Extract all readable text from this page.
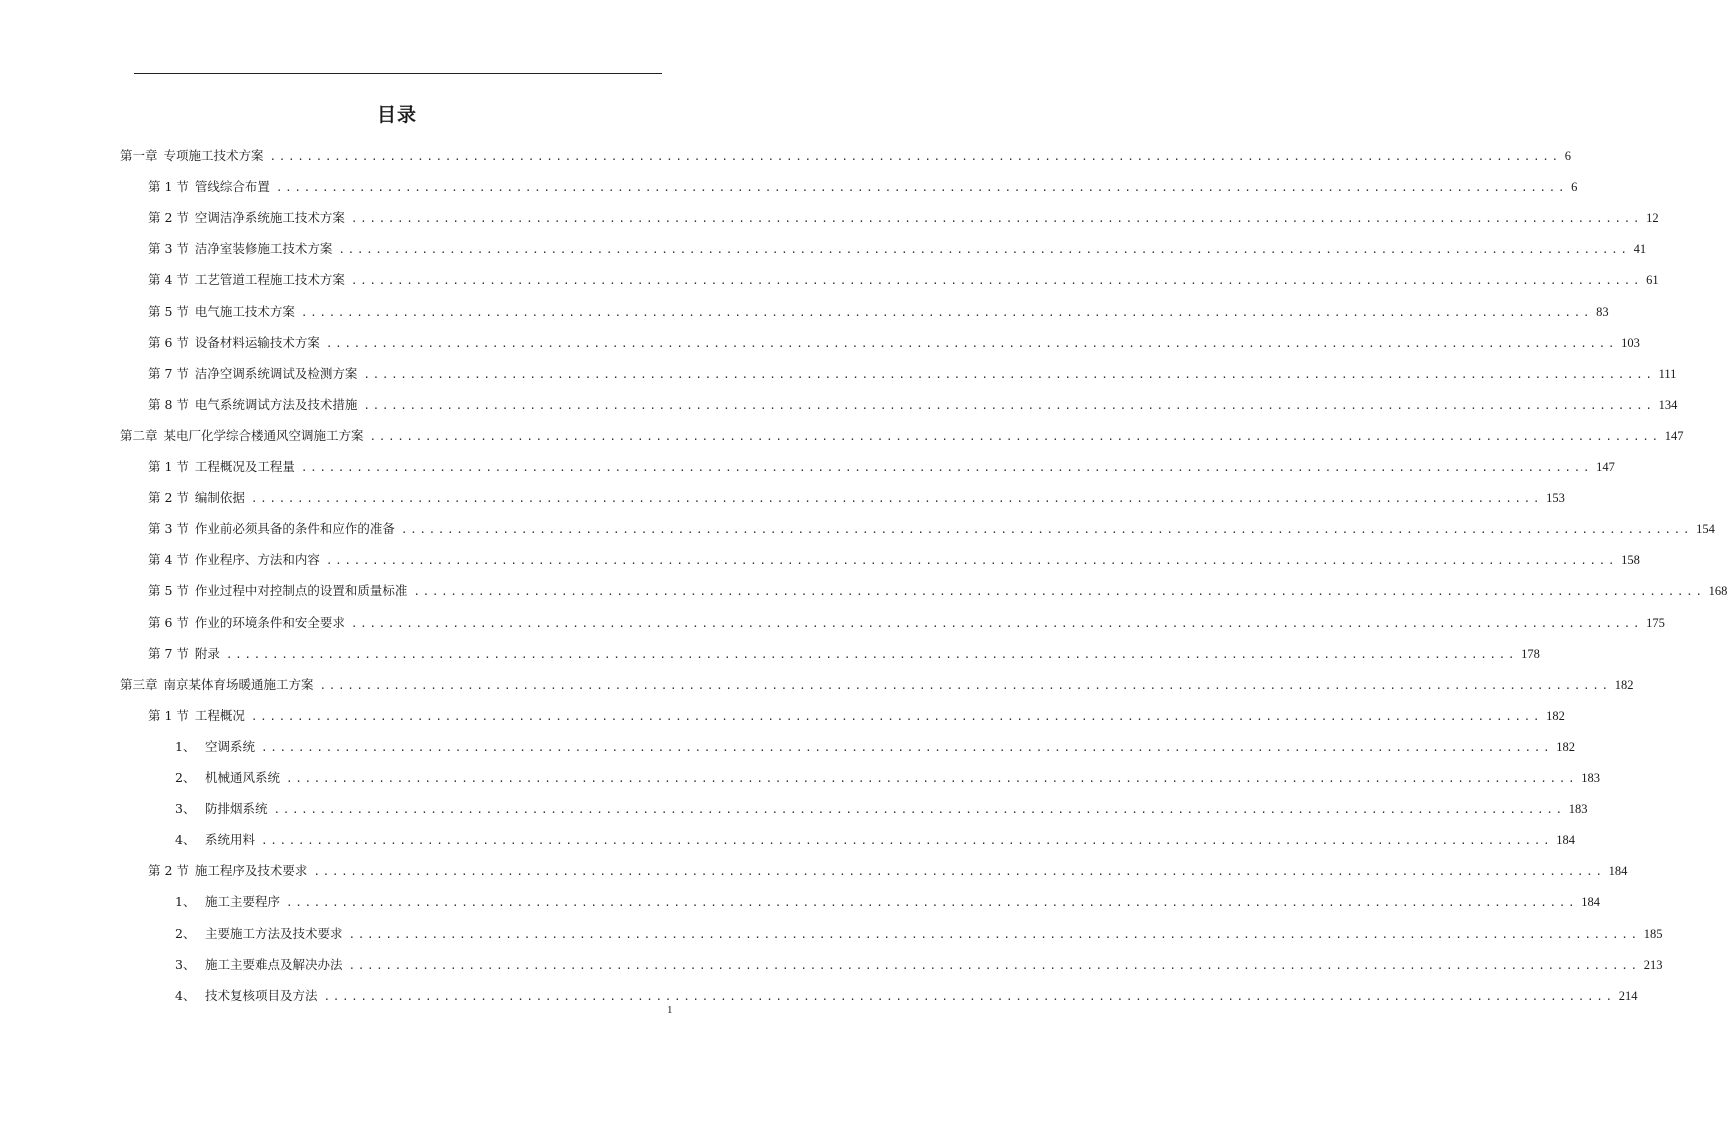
目录
第一章 专项施工技术方案 ............................................................................................................................................ 6
第 1 节 管线综合布置 ............................................................................................................................................ 6
第 2 节 空调洁净系统施工技术方案 ............................................................................................................................................ 12
第 3 节 洁净室装修施工技术方案 ............................................................................................................................................ 41
第 4 节 工艺管道工程施工技术方案 ............................................................................................................................................ 61
第 5 节 电气施工技术方案 ............................................................................................................................................ 83
第 6 节 设备材料运输技术方案 ............................................................................................................................................ 103
第 7 节 洁净空调系统调试及检测方案 ............................................................................................................................................ 111
第 8 节 电气系统调试方法及技术措施 ............................................................................................................................................ 134
第二章 某电厂化学综合楼通风空调施工方案 ............................................................................................................................................ 147
第 1 节 工程概况及工程量 ............................................................................................................................................ 147
第 2 节 编制依据 ............................................................................................................................................ 153
第 3 节 作业前必须具备的条件和应作的准备 ............................................................................................................................................ 154
第 4 节 作业程序、方法和内容 ............................................................................................................................................ 158
第 5 节 作业过程中对控制点的设置和质量标准 ............................................................................................................................................ 168
第 6 节 作业的环境条件和安全要求 ............................................................................................................................................ 175
第 7 节 附录 ............................................................................................................................................ 178
第三章 南京某体育场暖通施工方案 ............................................................................................................................................ 182
第 1 节 工程概况 ............................................................................................................................................ 182
1、 空调系统 ............................................................................................................................................ 182
2、 机械通风系统 ............................................................................................................................................ 183
3、 防排烟系统 ............................................................................................................................................ 183
4、 系统用料 ............................................................................................................................................ 184
第 2 节 施工程序及技术要求 ............................................................................................................................................ 184
1、 施工主要程序 ............................................................................................................................................ 184
2、 主要施工方法及技术要求 ............................................................................................................................................ 185
3、 施工主要难点及解决办法 ............................................................................................................................................ 213
4、 技术复核项目及方法 ............................................................................................................................................ 214
1
